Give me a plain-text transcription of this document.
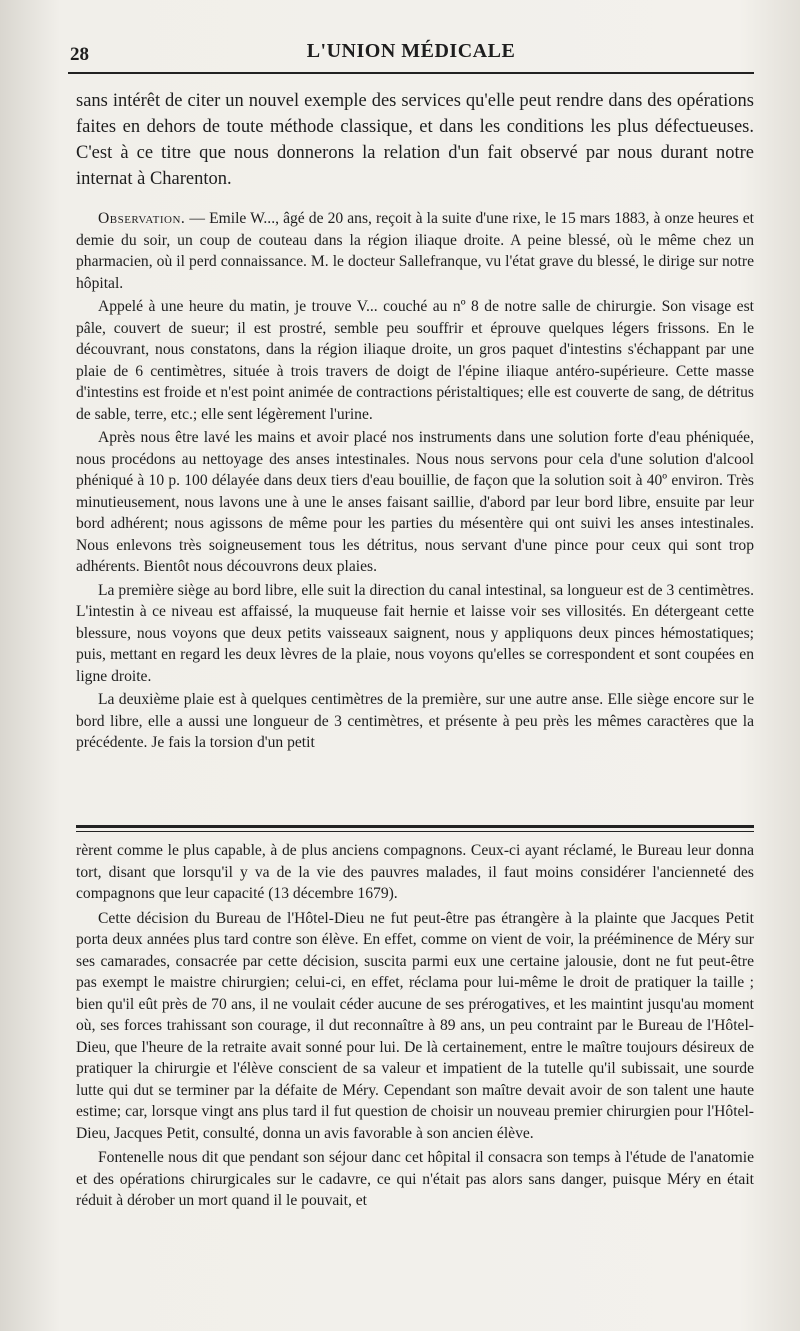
28	L'UNION MÉDICALE

sans intérêt de citer un nouvel exemple des services qu'elle peut rendre dans des opérations faites en dehors de toute méthode classique, et dans les conditions les plus défectueuses. C'est à ce titre que nous donnerons la relation d'un fait observé par nous durant notre internat à Charenton.

Observation. — Emile W..., âgé de 20 ans, reçoit à la suite d'une rixe, le 15 mars 1883, à onze heures et demie du soir, un coup de couteau dans la région iliaque droite. A peine blessé, où le même chez un pharmacien, où il perd connaissance. M. le docteur Sallefranque, vu l'état grave du blessé, le dirige sur notre hôpital.

Appelé à une heure du matin, je trouve V... couché au nº 8 de notre salle de chirurgie. Son visage est pâle, couvert de sueur; il est prostré, semble peu souffrir et éprouve quelques légers frissons. En le découvrant, nous constatons, dans la région iliaque droite, un gros paquet d'intestins s'échappant par une plaie de 6 centimètres, située à trois travers de doigt de l'épine iliaque antéro-supérieure. Cette masse d'intestins est froide et n'est point animée de contractions péristaltiques; elle est couverte de sang, de détritus de sable, terre, etc.; elle sent légèrement l'urine.

Après nous être lavé les mains et avoir placé nos instruments dans une solution forte d'eau phéniquée, nous procédons au nettoyage des anses intestinales. Nous nous servons pour cela d'une solution d'alcool phéniqué à 10 p. 100 délayée dans deux tiers d'eau bouillie, de façon que la solution soit à 40º environ. Très minutieusement, nous lavons une à une le anses faisant saillie, d'abord par leur bord libre, ensuite par leur bord adhérent; nous agissons de même pour les parties du mésentère qui ont suivi les anses intestinales. Nous enlevons très soigneusement tous les détritus, nous servant d'une pince pour ceux qui sont trop adhérents. Bientôt nous découvrons deux plaies.

La première siège au bord libre, elle suit la direction du canal intestinal, sa longueur est de 3 centimètres. L'intestin à ce niveau est affaissé, la muqueuse fait hernie et laisse voir ses villosités. En détergeant cette blessure, nous voyons que deux petits vaisseaux saignent, nous y appliquons deux pinces hémostatiques; puis, mettant en regard les deux lèvres de la plaie, nous voyons qu'elles se correspondent et sont coupées en ligne droite.

La deuxième plaie est à quelques centimètres de la première, sur une autre anse. Elle siège encore sur le bord libre, elle a aussi une longueur de 3 centimètres, et présente à peu près les mêmes caractères que la précédente. Je fais la torsion d'un petit

rèrent comme le plus capable, à de plus anciens compagnons. Ceux-ci ayant réclamé, le Bureau leur donna tort, disant que lorsqu'il y va de la vie des pauvres malades, il faut moins considérer l'ancienneté des compagnons que leur capacité (13 décembre 1679).

Cette décision du Bureau de l'Hôtel-Dieu ne fut peut-être pas étrangère à la plainte que Jacques Petit porta deux années plus tard contre son élève. En effet, comme on vient de voir, la prééminence de Méry sur ses camarades, consacrée par cette décision, suscita parmi eux une certaine jalousie, dont ne fut peut-être pas exempt le maistre chirurgien; celui-ci, en effet, réclama pour lui-même le droit de pratiquer la taille ; bien qu'il eût près de 70 ans, il ne voulait céder aucune de ses prérogatives, et les maintint jusqu'au moment où, ses forces trahissant son courage, il dut reconnaître à 89 ans, un peu contraint par le Bureau de l'Hôtel-Dieu, que l'heure de la retraite avait sonné pour lui. De là certainement, entre le maître toujours désireux de pratiquer la chirurgie et l'élève conscient de sa valeur et impatient de la tutelle qu'il subissait, une sourde lutte qui dut se terminer par la défaite de Méry. Cependant son maître devait avoir de son talent une haute estime; car, lorsque vingt ans plus tard il fut question de choisir un nouveau premier chirurgien pour l'Hôtel-Dieu, Jacques Petit, consulté, donna un avis favorable à son ancien élève.

Fontenelle nous dit que pendant son séjour danc cet hôpital il consacra son temps à l'étude de l'anatomie et des opérations chirurgicales sur le cadavre, ce qui n'était pas alors sans danger, puisque Méry en était réduit à dérober un mort quand il le pouvait, et
